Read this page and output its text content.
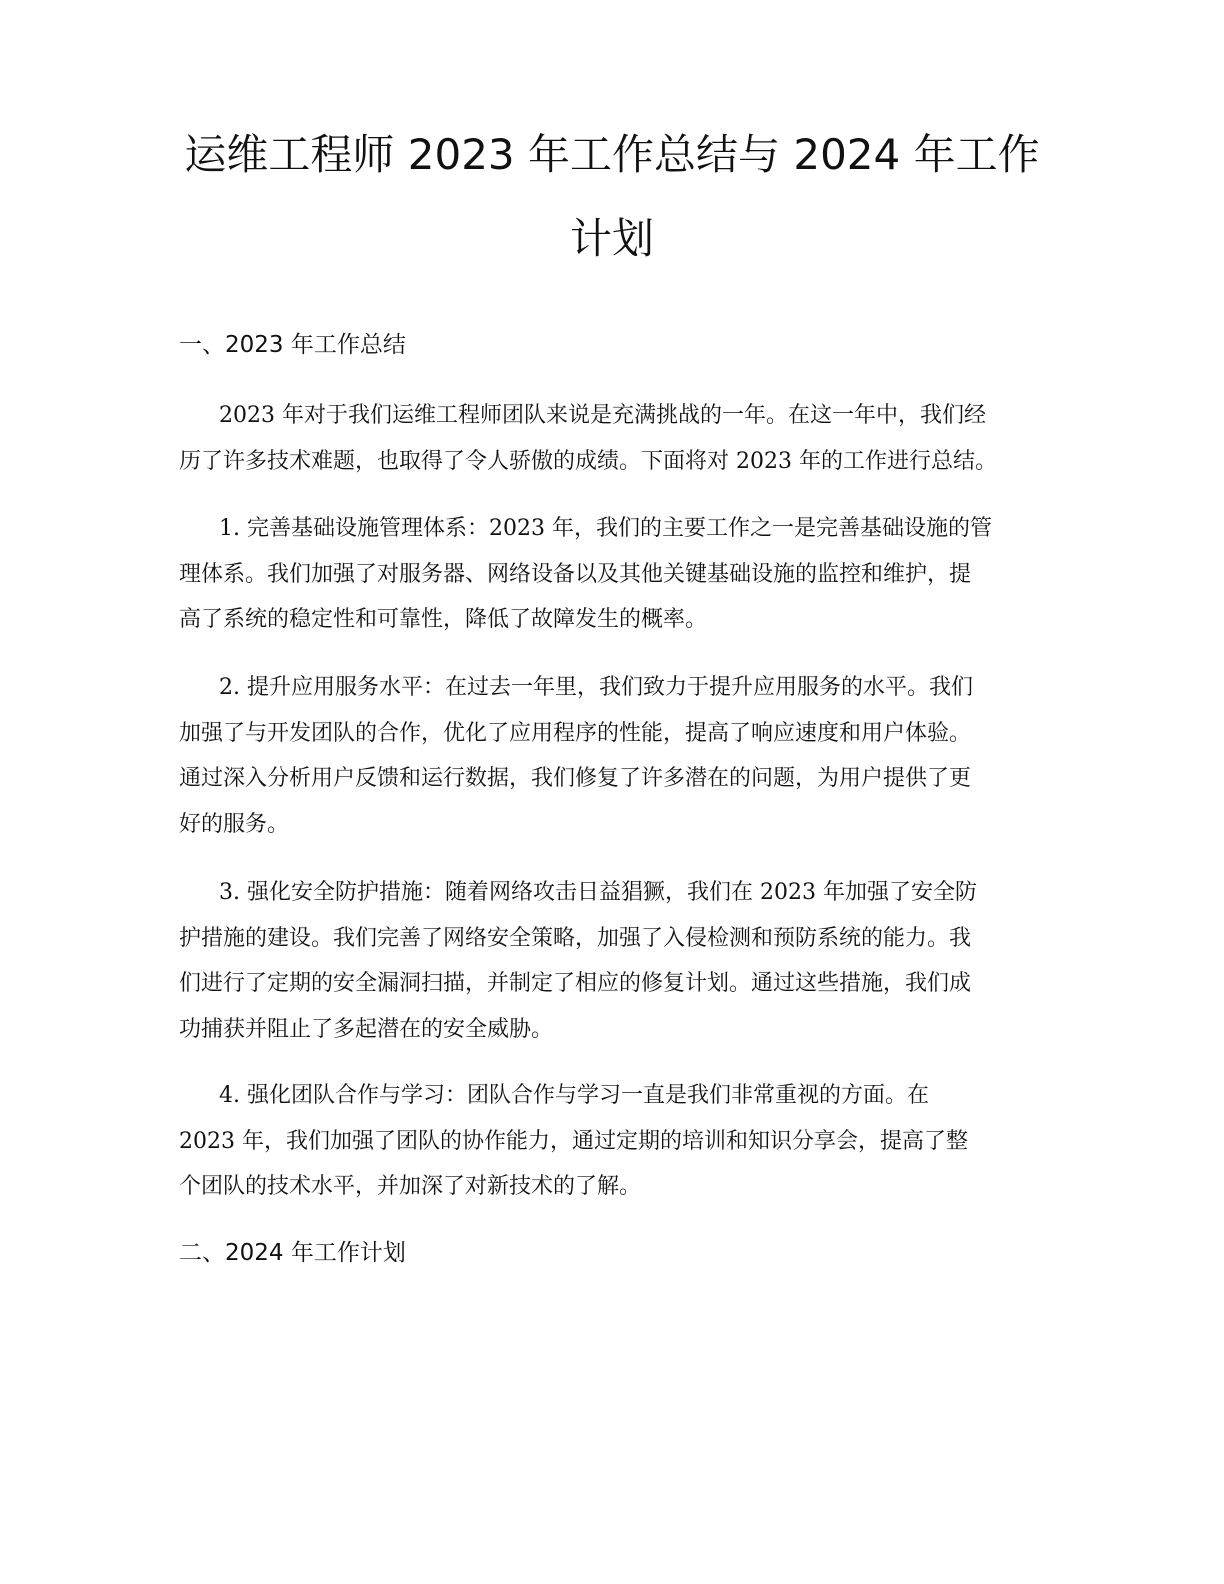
运维工程师 2023 年工作总结与 2024 年工作
计划
一、2023 年工作总结
2023 年对于我们运维工程师团队来说是充满挑战的一年。在这一年中，我们经
历了许多技术难题，也取得了令人骄傲的成绩。下面将对 2023 年的工作进行总结。
1. 完善基础设施管理体系：2023 年，我们的主要工作之一是完善基础设施的管
理体系。我们加强了对服务器、网络设备以及其他关键基础设施的监控和维护，提
高了系统的稳定性和可靠性，降低了故障发生的概率。
2. 提升应用服务水平：在过去一年里，我们致力于提升应用服务的水平。我们
加强了与开发团队的合作，优化了应用程序的性能，提高了响应速度和用户体验。
通过深入分析用户反馈和运行数据，我们修复了许多潜在的问题，为用户提供了更
好的服务。
3. 强化安全防护措施：随着网络攻击日益猖獗，我们在 2023 年加强了安全防
护措施的建设。我们完善了网络安全策略，加强了入侵检测和预防系统的能力。我
们进行了定期的安全漏洞扫描，并制定了相应的修复计划。通过这些措施，我们成
功捕获并阻止了多起潜在的安全威胁。
4. 强化团队合作与学习：团队合作与学习一直是我们非常重视的方面。在
2023 年，我们加强了团队的协作能力，通过定期的培训和知识分享会，提高了整
个团队的技术水平，并加深了对新技术的了解。
二、2024 年工作计划
